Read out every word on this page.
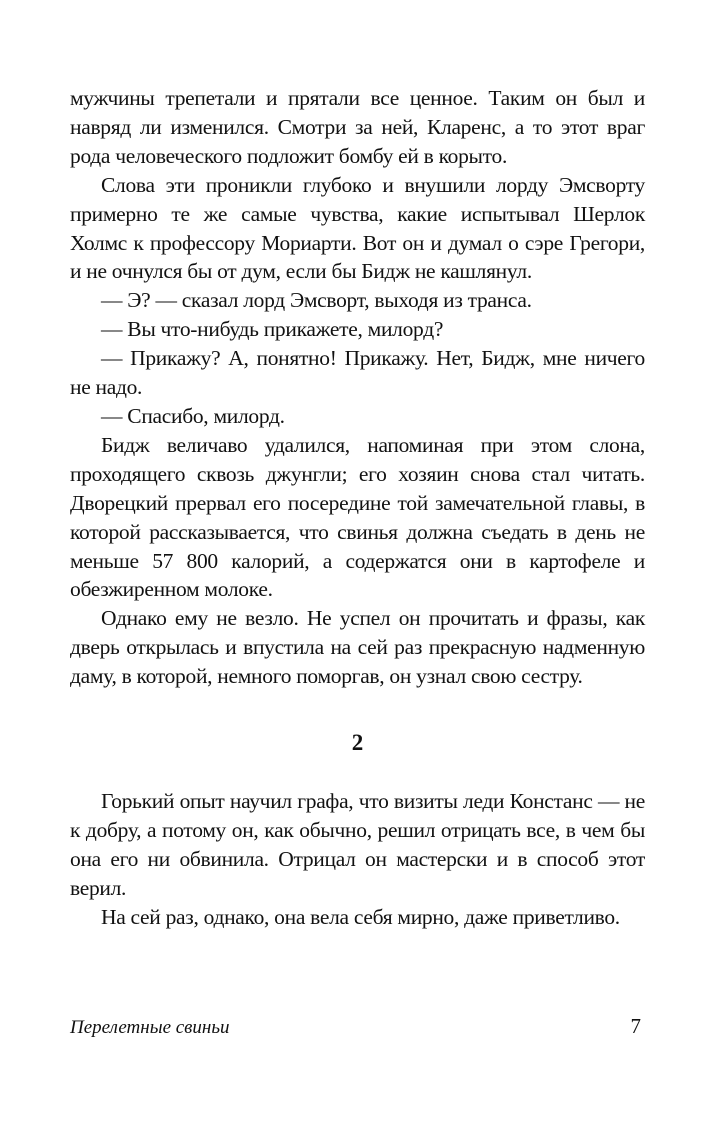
мужчины трепетали и прятали все ценное. Таким он был и навряд ли изменился. Смотри за ней, Кларенс, а то этот враг рода человеческого подложит бомбу ей в корыто.

Слова эти проникли глубоко и внушили лорду Эмсворту примерно те же самые чувства, какие испытывал Шерлок Холмс к профессору Мориарти. Вот он и думал о сэре Грегори, и не очнулся бы от дум, если бы Бидж не кашлянул.

— Э? — сказал лорд Эмсворт, выходя из транса.

— Вы что-нибудь прикажете, милорд?

— Прикажу? А, понятно! Прикажу. Нет, Бидж, мне ничего не надо.

— Спасибо, милорд.

Бидж величаво удалился, напоминая при этом слона, проходящего сквозь джунгли; его хозяин снова стал читать. Дворецкий прервал его посередине той замечательной главы, в которой рассказывается, что свинья должна съедать в день не меньше 57 800 калорий, а содержатся они в картофеле и обезжиренном молоке.

Однако ему не везло. Не успел он прочитать и фразы, как дверь открылась и впустила на сей раз прекрасную надменную даму, в которой, немного поморгав, он узнал свою сестру.

2

Горький опыт научил графа, что визиты леди Констанс — не к добру, а потому он, как обычно, решил отрицать все, в чем бы она его ни обвинила. Отрицал он мастерски и в способ этот верил.

На сей раз, однако, она вела себя мирно, даже приветливо.

Перелетные свиньи	7
